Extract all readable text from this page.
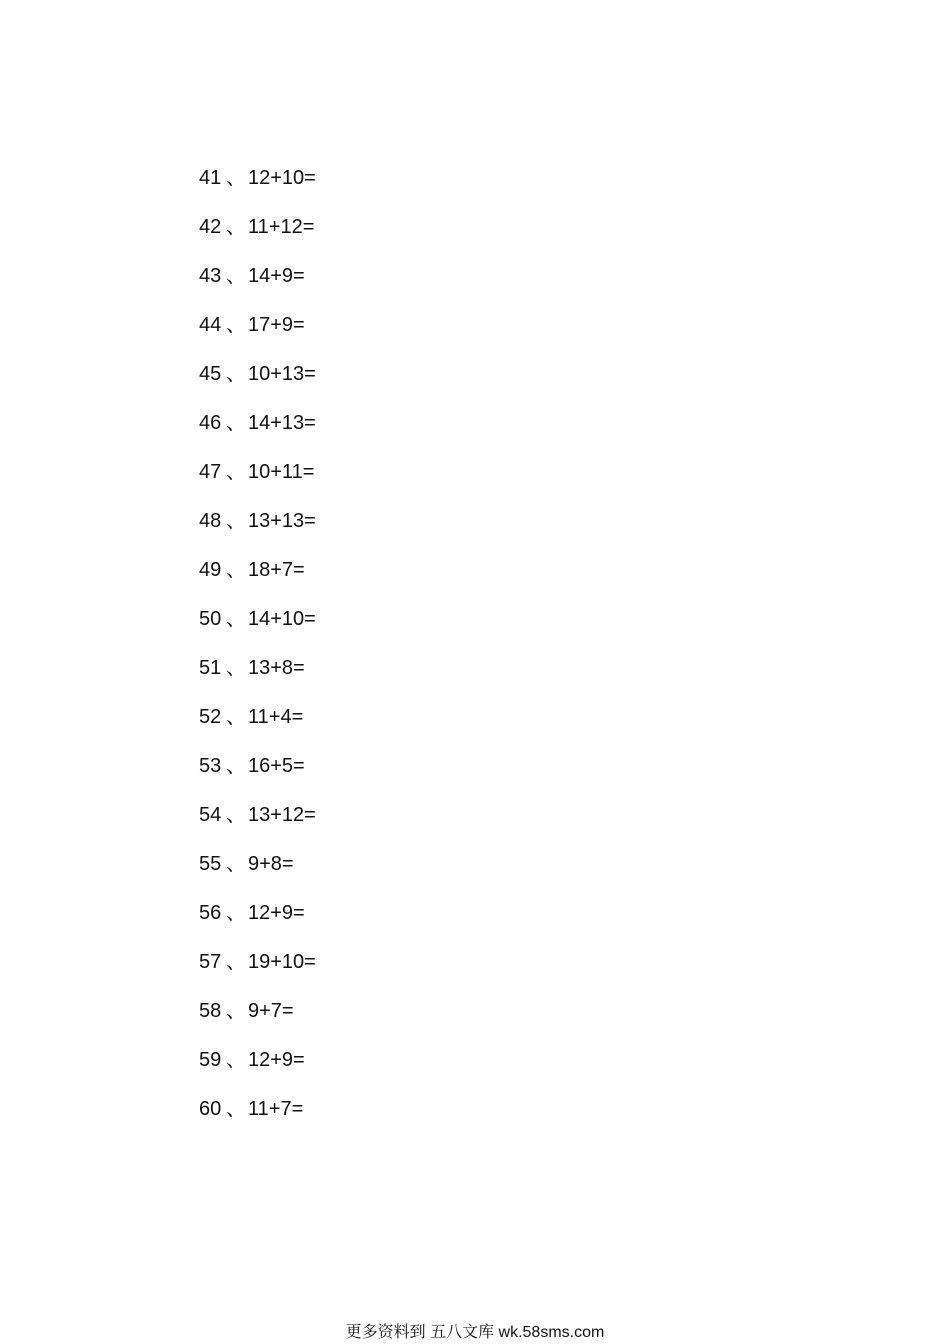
41 、 12+10=
42 、 11+12=
43 、 14+9=
44 、 17+9=
45 、 10+13=
46 、 14+13=
47 、 10+11=
48 、 13+13=
49 、 18+7=
50 、 14+10=
51 、 13+8=
52 、 11+4=
53 、 16+5=
54 、 13+12=
55 、 9+8=
56 、 12+9=
57 、 19+10=
58 、 9+7=
59 、 12+9=
60 、 11+7=
更多资料到 五八文库 wk.58sms.com
